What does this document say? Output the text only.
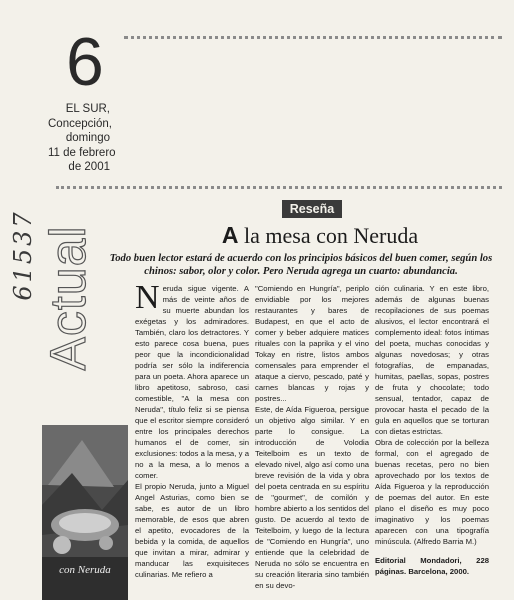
6
EL SUR,
Concepción,
domingo
11 de febrero
de 2001
61537 Actual
Reseña
A la mesa con Neruda
Todo buen lector estará de acuerdo con los principios básicos del buen comer, según los chinos: sabor, olor y color. Pero Neruda agrega un cuarto: abundancia.

Neruda sigue vigente. A más de veinte años de su muerte abundan los exégetas y los admiradores. También, claro los detractores. Y esto parece cosa buena, pues peor que la incondicionalidad podría ser sólo la indiferencia para un poeta. Ahora aparece un libro apetitoso, sabroso, casi comestible, "A la mesa con Neruda", título feliz si se piensa que el escritor siempre consideró entre los principales derechos humanos el de comer, sin exclusiones: todos a la mesa, y a no a la mesa, a lo menos a comer.

El propio Neruda, junto a Miguel Angel Asturias, como bien se sabe, es autor de un libro memorable, de esos que abren el apetito, evocadores de la bebida y la comida, de aquellos que invitan a mirar, admirar y manducar las exquisiteces culinarias. Me refiero a

"Comiendo en Hungría", periplo envidiable por los mejores restaurantes y bares de Budapest, en que el acto de comer y beber adquiere matices rituales con la paprika y el vino Tokay en ristre, listos ambos comensales para emprender el ataque a ciervo, pescado, paté y carnes blancas y rojas y postres...

Este, de Aída Figueroa, persigue un objetivo algo similar. Y en parte lo consigue. La introducción de Volodia Teitelboim es un texto de elevado nivel, algo así como una breve revisión de la vida y obra del poeta centrada en su espíritu de "gourmet", de comilón y hombre abierto a los sentidos del gusto. De acuerdo al texto de Teitelboim, y luego de la lectura de "Comiendo en Hungría", uno entiende que la celebridad de Neruda no sólo se encuentra en su creación literaria sino también en su devo-

ción culinaria. Y en este libro, además de algunas buenas recopilaciones de sus poemas alusivos, el lector encontrará el complemento ideal: fotos íntimas del poeta, muchas conocidas y algunas novedosas; y otras fotografías, de empanadas, humitas, paellas, sopas, postres de fruta y chocolate; todo sensual, tentador, capaz de provocar hasta el pecado de la gula en aquellos que se torturan con dietas estrictas.

Obra de colección por la belleza formal, con el agregado de buenas recetas, pero no bien aprovechado por los textos de Aída Figueroa y la reproducción de poemas del autor. En este plano el diseño es muy poco imaginativo y los poemas aparecen con una tipografía minúscula. (Alfredo Barria M.)

Editorial Mondadori, 228 páginas. Barcelona, 2000.

con Neruda
